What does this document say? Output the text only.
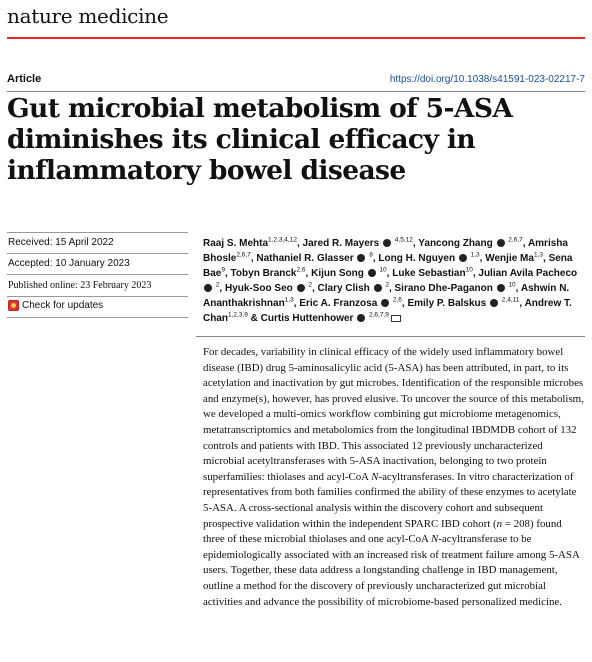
nature medicine
Article	https://doi.org/10.1038/s41591-023-02217-7
Gut microbial metabolism of 5-ASA diminishes its clinical efficacy in inflammatory bowel disease
Received: 15 April 2022
Accepted: 10 January 2023
Published online: 23 February 2023
Check for updates
Raaj S. Mehta$^{1,2,3,4,12}$, Jared R. Mayers $^{4,5,12}$, Yancong Zhang $^{2,6,7}$, Amrisha Bhosle$^{2,6,7}$, Nathaniel R. Glasser $^8$, Long H. Nguyen $^{1,3}$, Wenjie Ma$^{1,3}$, Sena Bae$^9$, Tobyn Branck$^{2,6}$, Kijun Song $^{10}$, Luke Sebastian$^{10}$, Julian Avila Pacheco  $^2$, Hyuk-Soo Seo $^2$, Clary Clish $^2$, Sirano Dhe-Paganon $^{10}$, Ashwin N. Ananthakrishnan$^{1,3}$, Eric A. Franzosa $^{2,6}$, Emily P. Balskus $^{2,4,11}$, Andrew T. Chan$^{1,2,3,9}$ & Curtis Huttenhower $^{2,6,7,9}$

For decades, variability in clinical efficacy of the widely used inflammatory bowel disease (IBD) drug 5-aminosalicylic acid (5-ASA) has been attributed, in part, to its acetylation and inactivation by gut microbes. Identification of the responsible microbes and enzyme(s), however, has proved elusive. To uncover the source of this metabolism, we developed a multi-omics workflow combining gut microbiome metagenomics, metatranscriptomics and metabolomics from the longitudinal IBDMDB cohort of 132 controls and patients with IBD. This associated 12 previously uncharacterized microbial acetyltransferases with 5-ASA inactivation, belonging to two protein superfamilies: thiolases and acyl-CoA N-acyltransferases. In vitro characterization of representatives from both families confirmed the ability of these enzymes to acetylate 5-ASA. A cross-sectional analysis within the discovery cohort and subsequent prospective validation within the independent SPARC IBD cohort (n = 208) found three of these microbial thiolases and one acyl-CoA N-acyltransferase to be epidemiologically associated with an increased risk of treatment failure among 5-ASA users. Together, these data address a longstanding challenge in IBD management, outline a method for the discovery of previously uncharacterized gut microbial activities and advance the possibility of microbiome-based personalized medicine.
